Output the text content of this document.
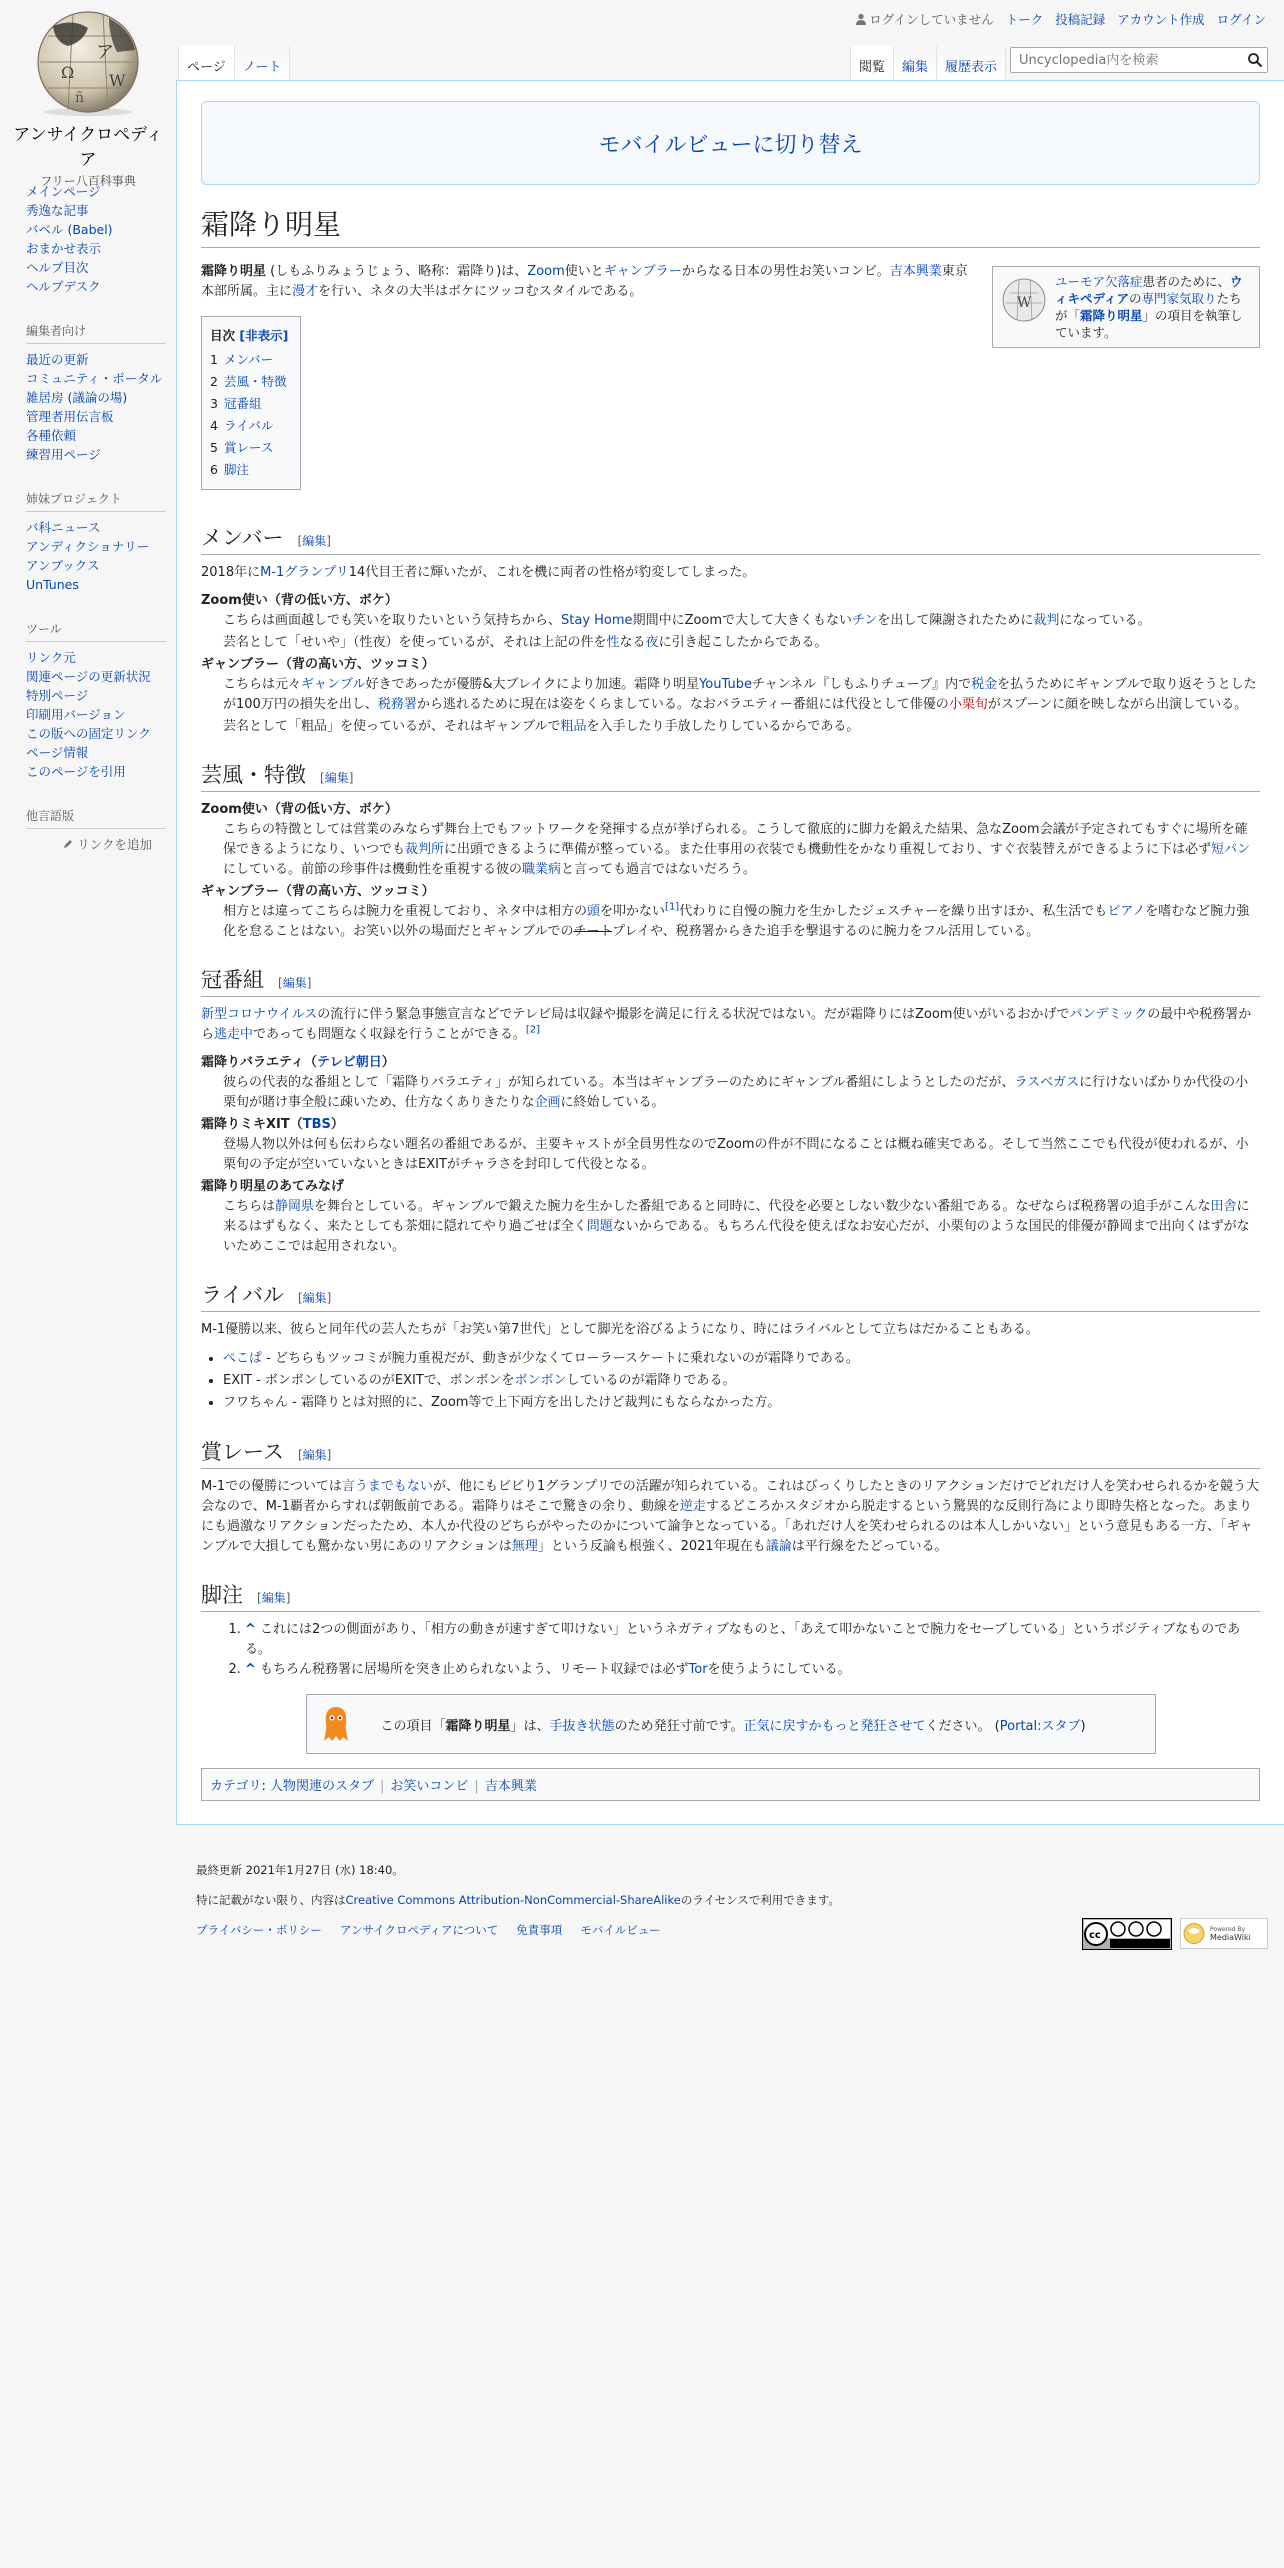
ログインしていません トーク 投稿記録 アカウント作成 ログイン
ア
Ω W
ñ
アンサイクロペディア
フリー八百科事典
メインページ
秀逸な記事
バベル (Babel)
おまかせ表示
ヘルプ目次
ヘルプデスク
編集者向け
最近の更新
コミュニティ・ポータル
雑居房 (議論の場)
管理者用伝言板
各種依頼
練習用ページ
姉妹プロジェクト
バ科ニュース
アンディクショナリー
アンブックス
UnTunes
ツール
リンク元
関連ページの更新状況
特別ページ
印刷用バージョン
この版への固定リンク
ページ情報
このページを引用
他言語版
リンクを追加
ページ	ノート	閲覧	編集	履歴表示
Uncyclopedia内を検索
モバイルビューに切り替え
霜降り明星
W
ユーモア欠落症患者のために、ウィキペディアの専門家気取りたちが「霜降り明星」の項目を執筆しています。

霜降り明星 (しもふりみょうじょう、略称：霜降り)は、Zoom使いとギャンブラーからなる日本の男性お笑いコンビ。吉本興業東京本部所属。主に漫才を行い、ネタの大半はボケにツッコむスタイルである。

目次 [非表示]
1 メンバー
2 芸風・特徴
3 冠番組
4 ライバル
5 賞レース
6 脚注
メンバー [編集]

2018年にM-1グランプリ14代目王者に輝いたが、これを機に両者の性格が豹変してしまった。

Zoom使い（背の低い方、ボケ）
こちらは画面越しでも笑いを取りたいという気持ちから、Stay Home期間中にZoomで大して大きくもないチンを出して陳謝されたために裁判になっている。
芸名として「せいや」（性夜）を使っているが、それは上記の件を性なる夜に引き起こしたからである。
ギャンブラー（背の高い方、ツッコミ）
こちらは元々ギャンブル好きであったが優勝&大ブレイクにより加速。霜降り明星YouTubeチャンネル『しもふりチューブ』内で税金を払うためにギャンブルで取り返そうとしたが100万円の損失を出し、税務署から逃れるために現在は姿をくらましている。なおバラエティー番組には代役として俳優の小栗旬がスプーンに顔を映しながら出演している。
芸名として「粗品」を使っているが、それはギャンブルで粗品を入手したり手放したりしているからである。
芸風・特徴 [編集]
Zoom使い（背の低い方、ボケ）
こちらの特徴としては営業のみならず舞台上でもフットワークを発揮する点が挙げられる。こうして徹底的に脚力を鍛えた結果、急なZoom会議が予定されてもすぐに場所を確保できるようになり、いつでも裁判所に出頭できるように準備が整っている。また仕事用の衣装でも機動性をかなり重視しており、すぐ衣装替えができるように下は必ず短パンにしている。前節の珍事件は機動性を重視する彼の職業病と言っても過言ではないだろう。
ギャンブラー（背の高い方、ツッコミ）
相方とは違ってこちらは腕力を重視しており、ネタ中は相方の頭を叩かない[1]代わりに自慢の腕力を生かしたジェスチャーを繰り出すほか、私生活でもピアノを嗜むなど腕力強化を怠ることはない。お笑い以外の場面だとギャンブルでのチートプレイや、税務署からきた追手を撃退するのに腕力をフル活用している。
冠番組 [編集]

新型コロナウイルスの流行に伴う緊急事態宣言などでテレビ局は収録や撮影を満足に行える状況ではない。だが霜降りにはZoom使いがいるおかげでパンデミックの最中や税務署から逃走中であっても問題なく収録を行うことができる。[2]

霜降りバラエティ（テレビ朝日）
彼らの代表的な番組として「霜降りバラエティ」が知られている。本当はギャンブラーのためにギャンブル番組にしようとしたのだが、ラスベガスに行けないばかりか代役の小栗旬が賭け事全般に疎いため、仕方なくありきたりな企画に終始している。
霜降りミキXIT（TBS）
登場人物以外は何も伝わらない題名の番組であるが、主要キャストが全員男性なのでZoomの件が不問になることは概ね確実である。そして当然ここでも代役が使われるが、小栗旬の予定が空いていないときはEXITがチャラさを封印して代役となる。
霜降り明星のあてみなげ
こちらは静岡県を舞台としている。ギャンブルで鍛えた腕力を生かした番組であると同時に、代役を必要としない数少ない番組である。なぜならば税務署の追手がこんな田舎に来るはずもなく、来たとしても茶畑に隠れてやり過ごせば全く問題ないからである。もちろん代役を使えばなお安心だが、小栗旬のような国民的俳優が静岡まで出向くはずがないためここでは起用されない。
ライバル [編集]

M-1優勝以来、彼らと同年代の芸人たちが「お笑い第7世代」として脚光を浴びるようになり、時にはライバルとして立ちはだかることもある。

• ぺこぱ - どちらもツッコミが腕力重視だが、動きが少なくてローラースケートに乗れないのが霜降りである。
• EXIT - ボンボンしているのがEXITで、ボンボンをボンボンしているのが霜降りである。
• フワちゃん - 霜降りとは対照的に、Zoom等で上下両方を出したけど裁判にもならなかった方。
賞レース [編集]

M-1での優勝については言うまでもないが、他にもビビり1グランプリでの活躍が知られている。これはびっくりしたときのリアクションだけでどれだけ人を笑わせられるかを競う大会なので、M-1覇者からすれば朝飯前である。霜降りはそこで驚きの余り、動線を逆走するどころかスタジオから脱走するという驚異的な反則行為により即時失格となった。あまりにも過激なリアクションだったため、本人か代役のどちらがやったのかについて論争となっている。「あれだけ人を笑わせられるのは本人しかいない」という意見もある一方、「ギャンブルで大損しても驚かない男にあのリアクションは無理」という反論も根強く、2021年現在も議論は平行線をたどっている。

脚注 [編集]
1. ^ これには2つの側面があり、「相方の動きが速すぎて叩けない」というネガティブなものと、「あえて叩かないことで腕力をセーブしている」というポジティブなものである。
2. ^ もちろん税務署に居場所を突き止められないよう、リモート収録では必ずTorを使うようにしている。
この項目「霜降り明星」は、手抜き状態のため発狂寸前です。正気に戻すかもっと発狂させてください。 (Portal:スタブ)
カテゴリ: 人物関連のスタブ | お笑いコンビ | 吉本興業
最終更新 2021年1月27日 (水) 18:40。
特に記載がない限り、内容はCreative Commons Attribution-NonCommercial-ShareAlikeのライセンスで利用できます。
プライバシー・ポリシー アンサイクロペディアについて 免責事項 モバイルビュー	cc
Powered By
MediaWiki
